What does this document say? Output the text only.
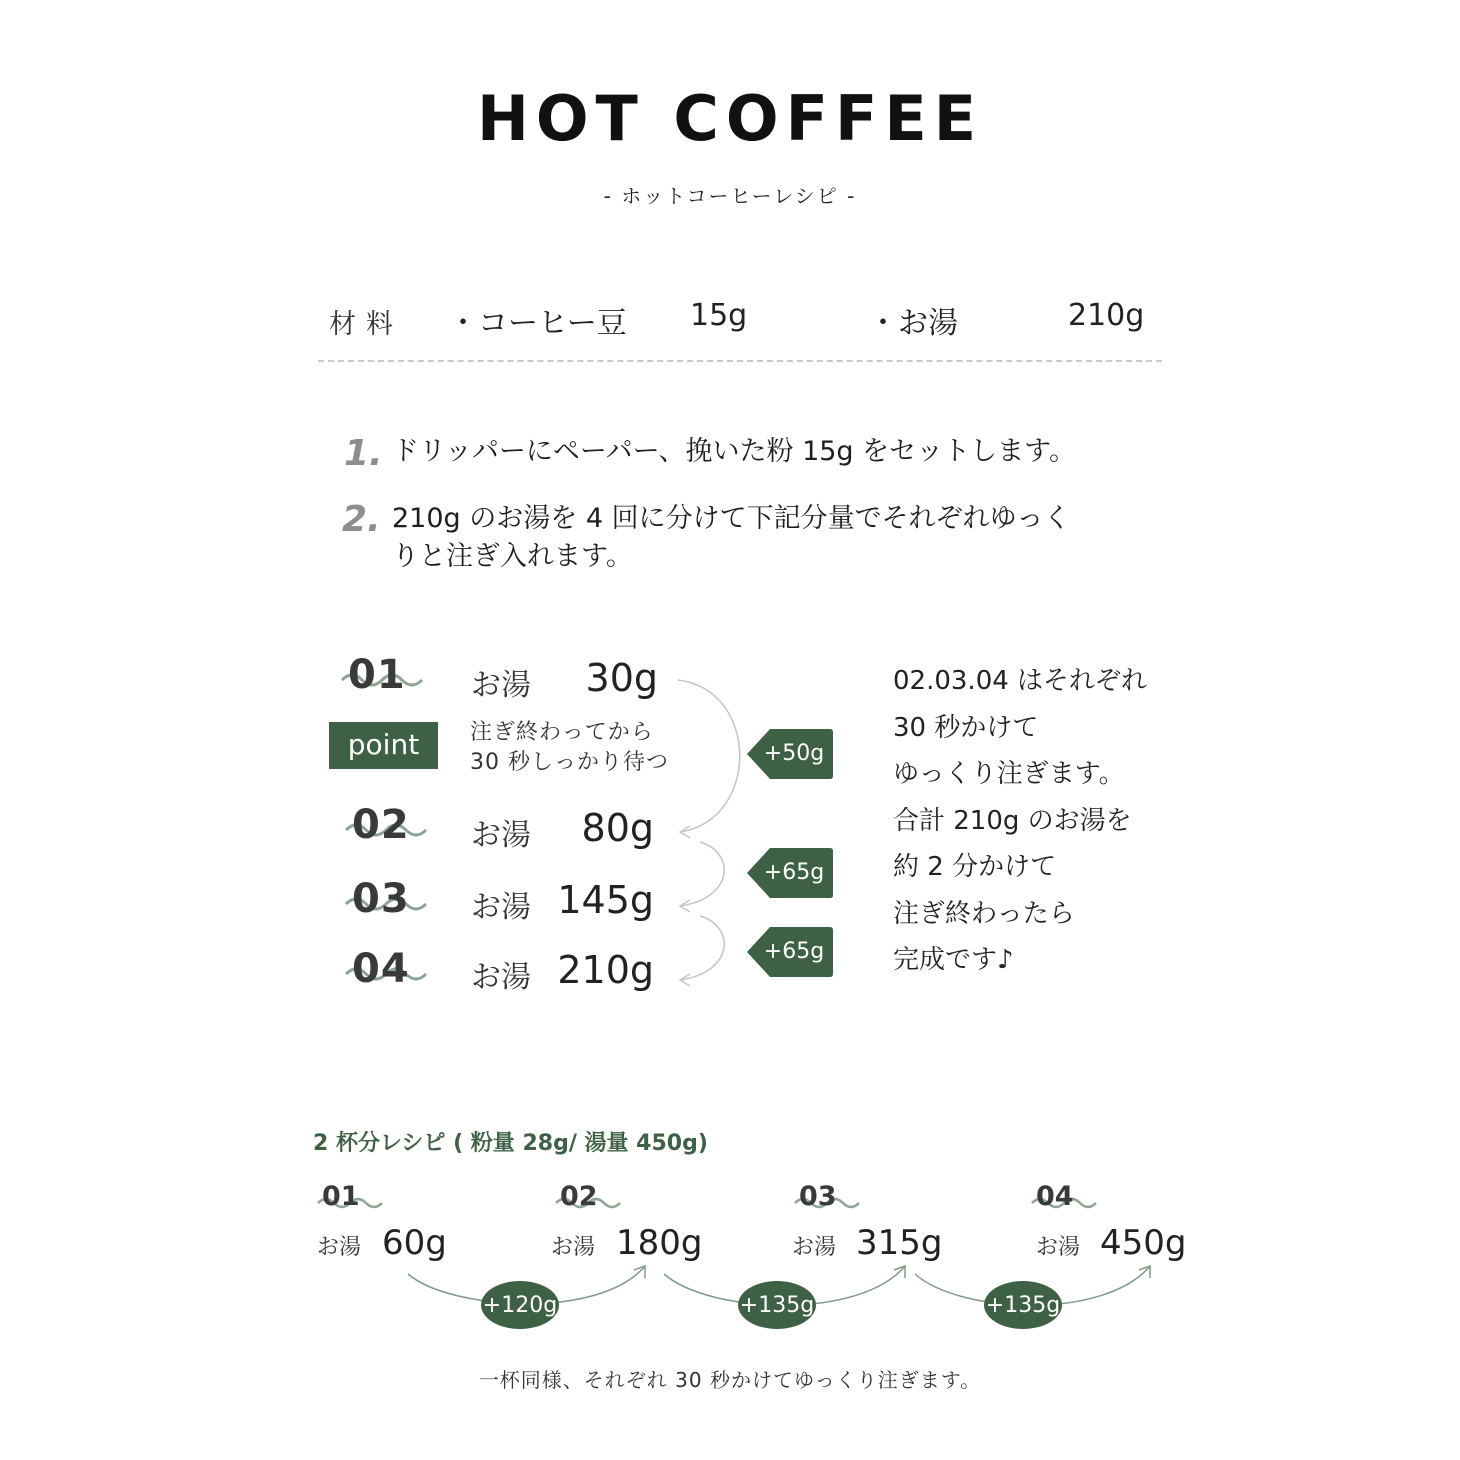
HOT COFFEE
- ホットコーヒーレシピ -
材料 ・コーヒー豆 15g	・お湯	210g
1. ドリッパーにペーパー、挽いた粉 15g をセットします。
2. 210g のお湯を 4 回に分けて下記分量でそれぞれゆっく
りと注ぎ入れます。
01 お湯	30g
point	注ぎ終わってから
30 秒しっかり待つ
02 お湯	80g
03 お湯 145g
04 お湯 210g
+50g
+65g
+65g
02.03.04 はそれぞれ
30 秒かけて
ゆっくり注ぎます。
合計 210g のお湯を
約 2 分かけて
注ぎ終わったら
完成です♪
2 杯分レシピ ( 粉量 28g/ 湯量 450g)
01
お湯 60g
02
お湯 180g
03
お湯 315g
04
お湯 450g
+120g	+135g	+135g
一杯同様、それぞれ 30 秒かけてゆっくり注ぎます。
